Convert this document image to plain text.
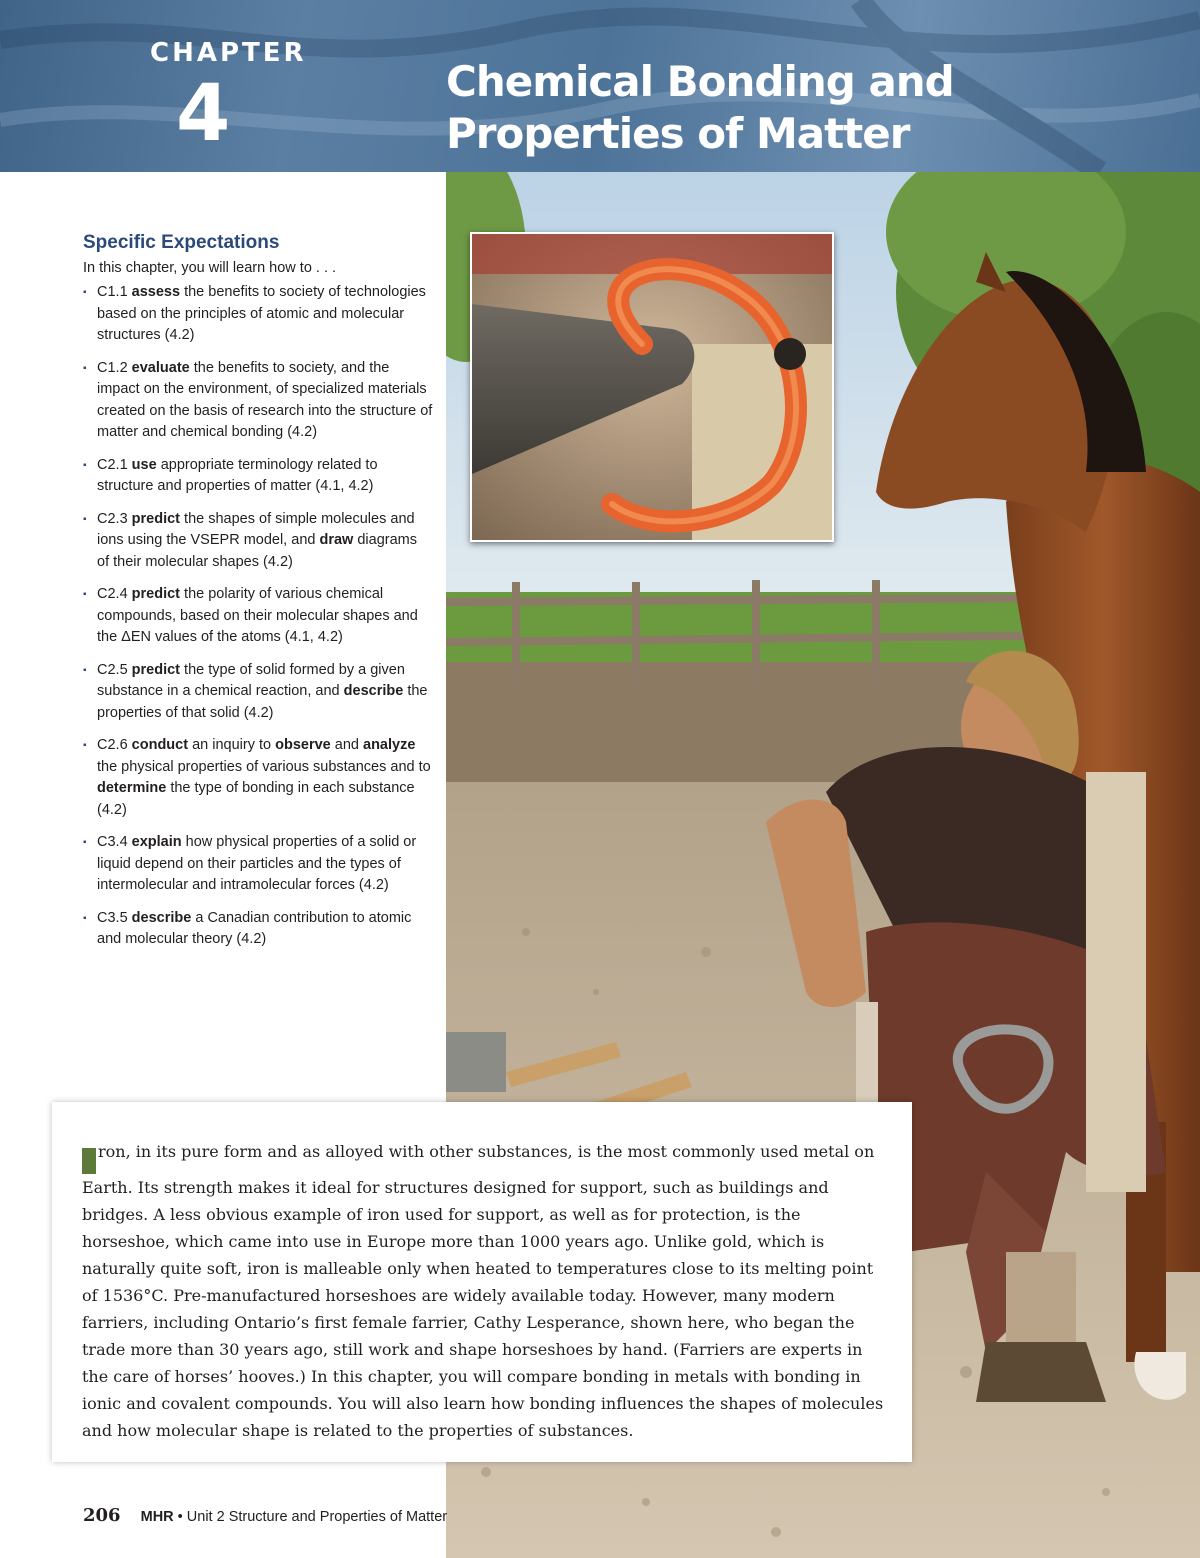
CHAPTER
4	Chemical Bonding and
Properties of Matter
Specific Expectations

In this chapter, you will learn how to . . .

▪ C1.1 assess the benefits to society of technologies based on the principles of atomic and molecular structures (4.2)
▪ C1.2 evaluate the benefits to society, and the impact on the environment, of specialized materials created on the basis of research into the structure of matter and chemical bonding (4.2)
▪ C2.1 use appropriate terminology related to structure and properties of matter (4.1, 4.2)
▪ C2.3 predict the shapes of simple molecules and ions using the VSEPR model, and draw diagrams of their molecular shapes (4.2)
▪ C2.4 predict the polarity of various chemical compounds, based on their molecular shapes and the ΔEN values of the atoms (4.1, 4.2)
▪ C2.5 predict the type of solid formed by a given substance in a chemical reaction, and describe the properties of that solid (4.2)
▪ C2.6 conduct an inquiry to observe and analyze the physical properties of various substances and to determine the type of bonding in each substance (4.2)
▪ C3.4 explain how physical properties of a solid or liquid depend on their particles and the types of intermolecular and intramolecular forces (4.2)
▪ C3.5 describe a Canadian contribution to atomic and molecular theory (4.2)
ron, in its pure form and as alloyed with other substances, is the most commonly used metal on Earth. Its strength makes it ideal for structures designed for support, such as buildings and bridges. A less obvious example of iron used for support, as well as for protection, is the horseshoe, which came into use in Europe more than 1000 years ago. Unlike gold, which is naturally quite soft, iron is malleable only when heated to temperatures close to its melting point of 1536°C. Pre-manufactured horseshoes are widely available today. However, many modern farriers, including Ontario’s first female farrier, Cathy Lesperance, shown here, who began the trade more than 30 years ago, still work and shape horseshoes by hand. (Farriers are experts in the care of horses’ hooves.) In this chapter, you will compare bonding in metals with bonding in ionic and covalent compounds. You will also learn how bonding influences the shapes of molecules and how molecular shape is related to the properties of substances.
206 MHR • Unit 2 Structure and Properties of Matter
